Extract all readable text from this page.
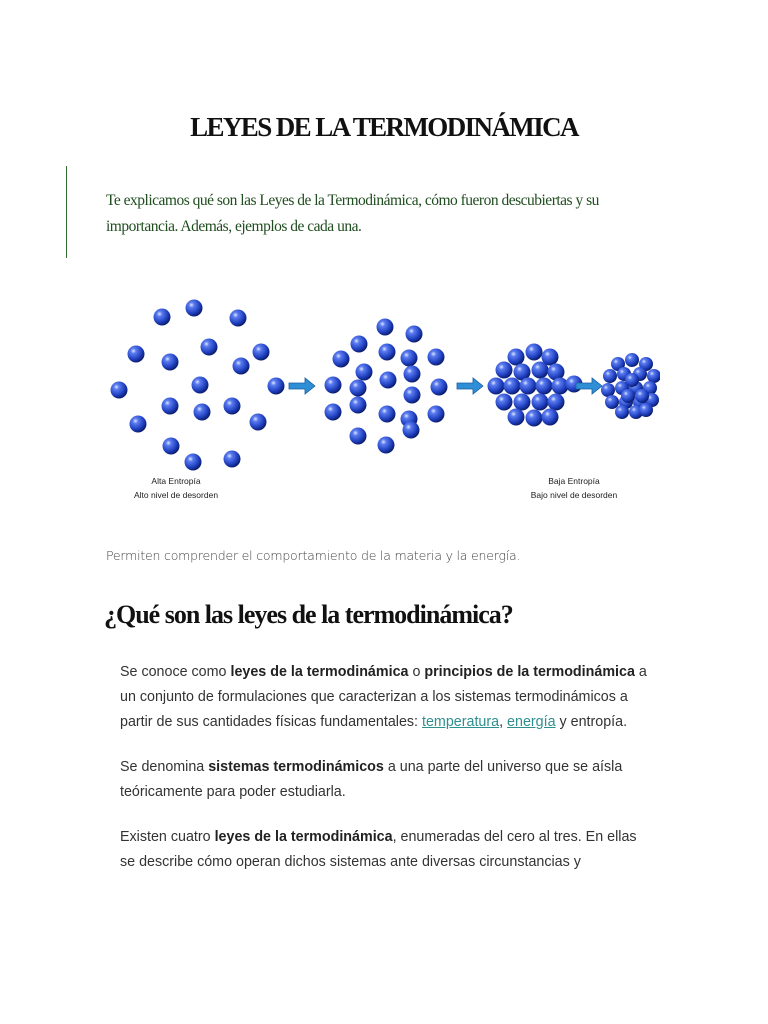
LEYES DE LA TERMODINÁMICA
Te explicamos qué son las Leyes de la Termodinámica, cómo fueron descubiertas y su importancia. Además, ejemplos de cada una.
Alta Entropía
Alto nivel de desorden
Baja Entropía
Bajo nivel de desorden
Permiten comprender el comportamiento de la materia y la energía.
¿Qué son las leyes de la termodinámica?

Se conoce como leyes de la termodinámica o principios de la termodinámica a un conjunto de formulaciones que caracterizan a los sistemas termodinámicos a partir de sus cantidades físicas fundamentales: temperatura, energía y entropía.

Se denomina sistemas termodinámicos a una parte del universo que se aísla teóricamente para poder estudiarla.

Existen cuatro leyes de la termodinámica, enumeradas del cero al tres. En ellas se describe cómo operan dichos sistemas ante diversas circunstancias y
